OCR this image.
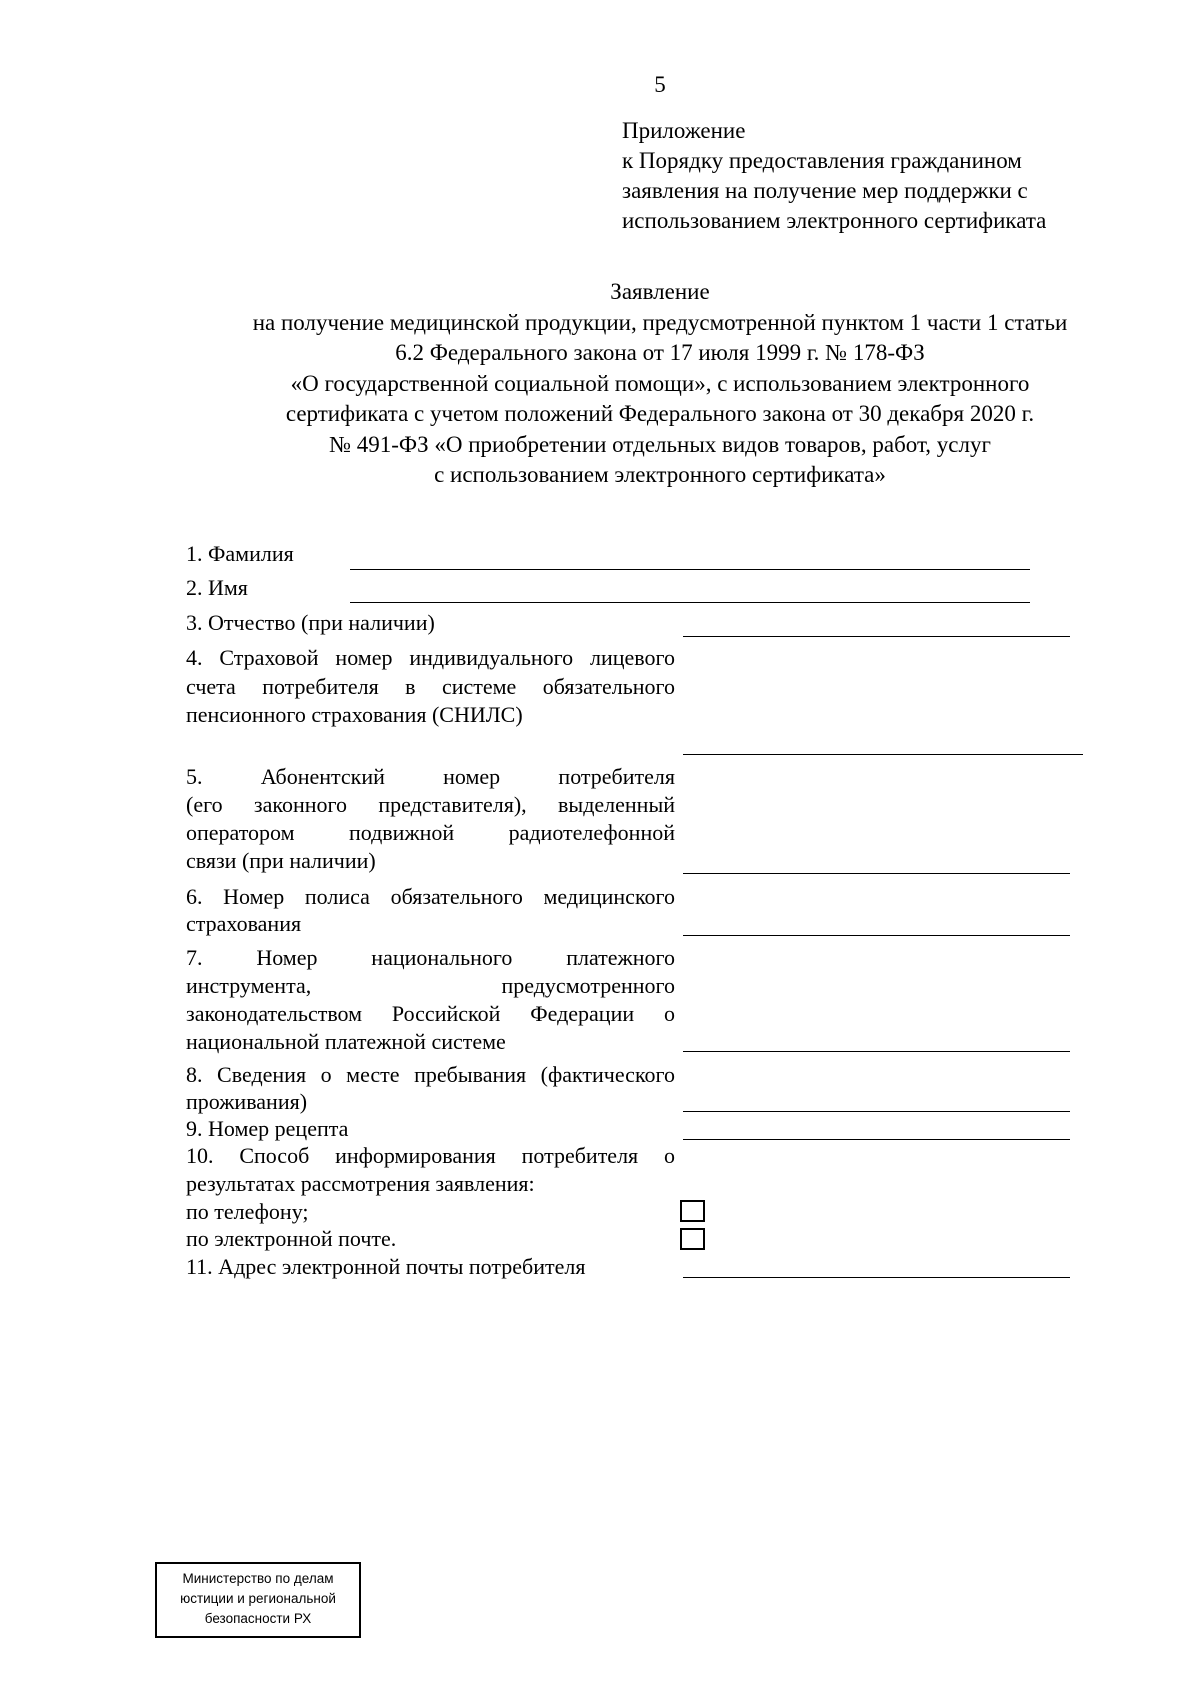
5
Приложение
к Порядку предоставления гражданином
заявления на получение мер поддержки с
использованием электронного сертификата
Заявление
на получение медицинской продукции, предусмотренной пунктом 1 части 1 статьи
6.2 Федерального закона от 17 июля 1999 г. № 178-ФЗ
«О государственной социальной помощи», с использованием электронного
сертификата с учетом положений Федерального закона от 30 декабря 2020 г.
№ 491-ФЗ «О приобретении отдельных видов товаров, работ, услуг
с использованием электронного сертификата»
1. Фамилия
2. Имя
3. Отчество (при наличии)
4. Страховой номер индивидуального лицевого
счета потребителя в системе обязательного
пенсионного страхования (СНИЛС)
5. Абонентский номер потребителя
(его законного представителя), выделенный
оператором подвижной радиотелефонной
связи (при наличии)
6. Номер полиса обязательного медицинского
страхования
7. Номер национального платежного
инструмента, предусмотренного
законодательством Российской Федерации о
национальной платежной системе
8. Сведения о месте пребывания (фактического
проживания)
9. Номер рецепта
10. Способ информирования потребителя о
результатах рассмотрения заявления:
по телефону;
по электронной почте.
11. Адрес электронной почты потребителя
Министерство по делам
юстиции и региональной
безопасности РХ
